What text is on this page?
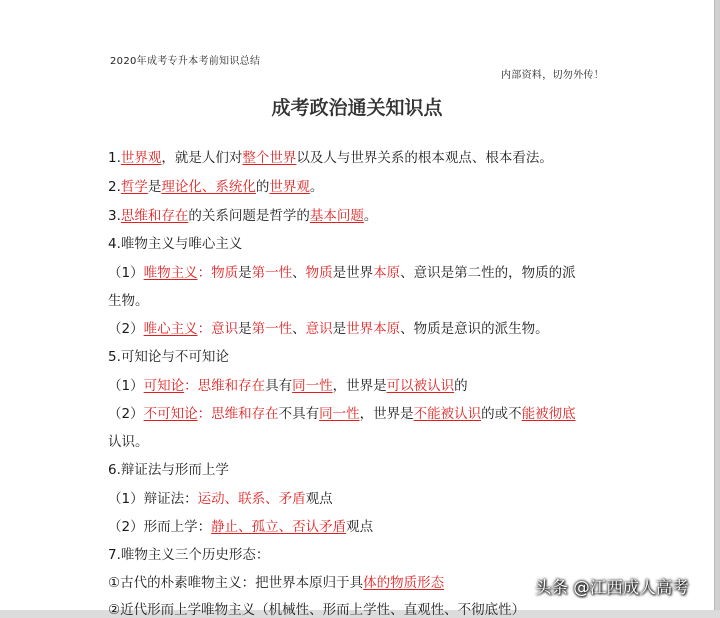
2020年成考专升本考前知识总结
内部资料，切勿外传！
成考政治通关知识点
1.世界观，就是人们对整个世界以及人与世界关系的根本观点、根本看法。
2.哲学是理论化、系统化的世界观。
3.思维和存在的关系问题是哲学的基本问题。
4.唯物主义与唯心主义
（1）唯物主义：物质是第一性、物质是世界本原、意识是第二性的，物质的派
生物。
（2）唯心主义：意识是第一性、意识是世界本原、物质是意识的派生物。
5.可知论与不可知论
（1）可知论：思维和存在具有同一性，世界是可以被认识的
（2）不可知论：思维和存在不具有同一性，世界是不能被认识的或不能被彻底
认识。
6.辩证法与形而上学
（1）辩证法：运动、联系、矛盾观点
（2）形而上学：静止、孤立、否认矛盾观点
7.唯物主义三个历史形态：
①古代的朴素唯物主义：把世界本原归于具体的物质形态
②近代形而上学唯物主义（机械性、形而上学性、直观性、不彻底性）
头条 @江西成人高考
